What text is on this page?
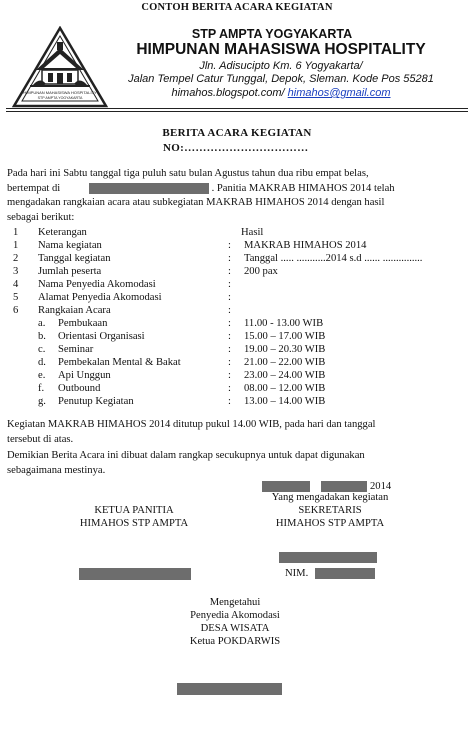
CONTOH BERITA ACARA KEGIATAN
HIMPUNAN MAHASISWA HOSPITALITY
STP AMPTA YOGYAKARTA
STP AMPTA YOGYAKARTA
HIMPUNAN MAHASISWA HOSPITALITY
Jln. Adisucipto Km. 6 Yogyakarta/
Jalan Tempel Catur Tunggal, Depok, Sleman. Kode Pos 55281
himahos.blogspot.com/ himahos@gmail.com
BERITA ACARA KEGIATAN
NO:……………………………
Pada hari ini Sabtu tanggal tiga puluh satu bulan Agustus tahun dua ribu empat belas,
bertempat di	. Panitia MAKRAB HIMAHOS 2014 telah
mengadakan rangkaian acara atau subkegiatan MAKRAB HIMAHOS 2014 dengan hasil
sebagai berikut:
1 Keterangan	Hasil
1 Nama kegiatan	: MAKRAB HIMAHOS 2014
2 Tanggal kegiatan	: Tanggal ..... ...........2014 s.d ...... ...............
3 Jumlah peserta	: 200 pax
4 Nama Penyedia Akomodasi	:
5 Alamat Penyedia Akomodasi	:
6 Rangkaian Acara	:
a. Pembukaan	: 11.00 - 13.00 WIB
b. Orientasi Organisasi	: 15.00 – 17.00 WIB
c. Seminar	: 19.00 – 20.30 WIB
d. Pembekalan Mental & Bakat	: 21.00 – 22.00 WIB
e. Api Unggun	: 23.00 – 24.00 WIB
f. Outbound	: 08.00 – 12.00 WIB
g. Penutup Kegiatan	: 13.00 – 14.00 WIB
Kegiatan MAKRAB HIMAHOS 2014 ditutup pukul 14.00 WIB, pada hari dan tanggal
tersebut di atas.
Demikian Berita Acara ini dibuat dalam rangkap secukupnya untuk dapat digunakan
sebagaimana mestinya.
2014
Yang mengadakan kegiatan
SEKRETARIS
HIMAHOS STP AMPTA
KETUA PANITIA
HIMAHOS STP AMPTA
NIM.
Mengetahui
Penyedia Akomodasi
DESA WISATA
Ketua POKDARWIS
